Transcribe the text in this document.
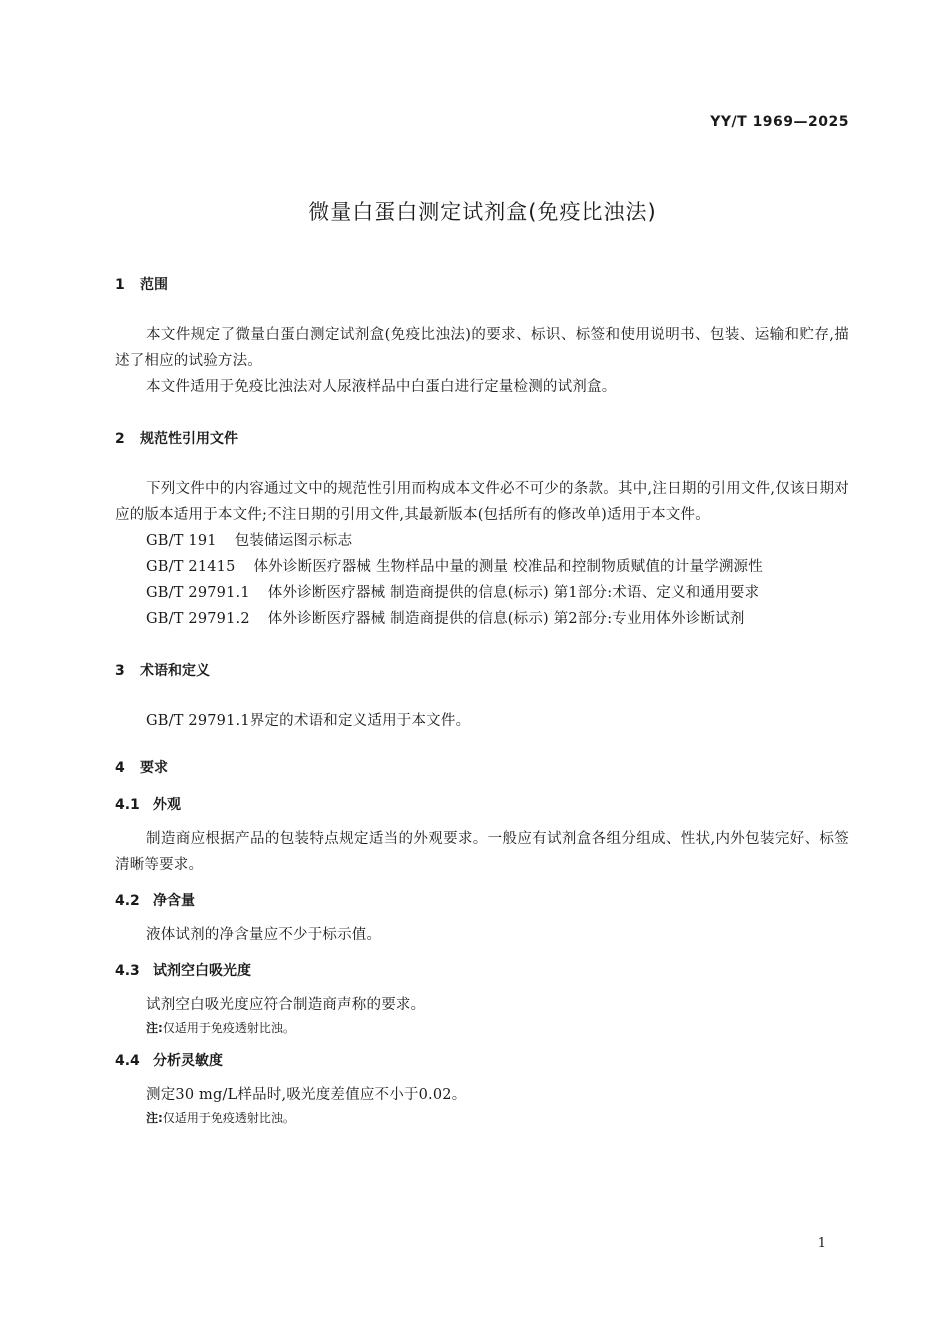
YY/T 1969—2025
微量白蛋白测定试剂盒(免疫比浊法)
1 范围
本文件规定了微量白蛋白测定试剂盒(免疫比浊法)的要求、标识、标签和使用说明书、包装、运输和贮存,描述了相应的试验方法。
本文件适用于免疫比浊法对人尿液样品中白蛋白进行定量检测的试剂盒。
2 规范性引用文件
下列文件中的内容通过文中的规范性引用而构成本文件必不可少的条款。其中,注日期的引用文件,仅该日期对应的版本适用于本文件;不注日期的引用文件,其最新版本(包括所有的修改单)适用于本文件。
GB/T 191 包装储运图示标志
GB/T 21415 体外诊断医疗器械 生物样品中量的测量 校准品和控制物质赋值的计量学溯源性
GB/T 29791.1 体外诊断医疗器械 制造商提供的信息(标示) 第1部分:术语、定义和通用要求
GB/T 29791.2 体外诊断医疗器械 制造商提供的信息(标示) 第2部分:专业用体外诊断试剂
3 术语和定义
GB/T 29791.1界定的术语和定义适用于本文件。
4 要求
4.1 外观
制造商应根据产品的包装特点规定适当的外观要求。一般应有试剂盒各组分组成、性状,内外包装完好、标签清晰等要求。
4.2 净含量
液体试剂的净含量应不少于标示值。
4.3 试剂空白吸光度
试剂空白吸光度应符合制造商声称的要求。
注:仅适用于免疫透射比浊。
4.4 分析灵敏度
测定30 mg/L样品时,吸光度差值应不小于0.02。
注:仅适用于免疫透射比浊。
1
